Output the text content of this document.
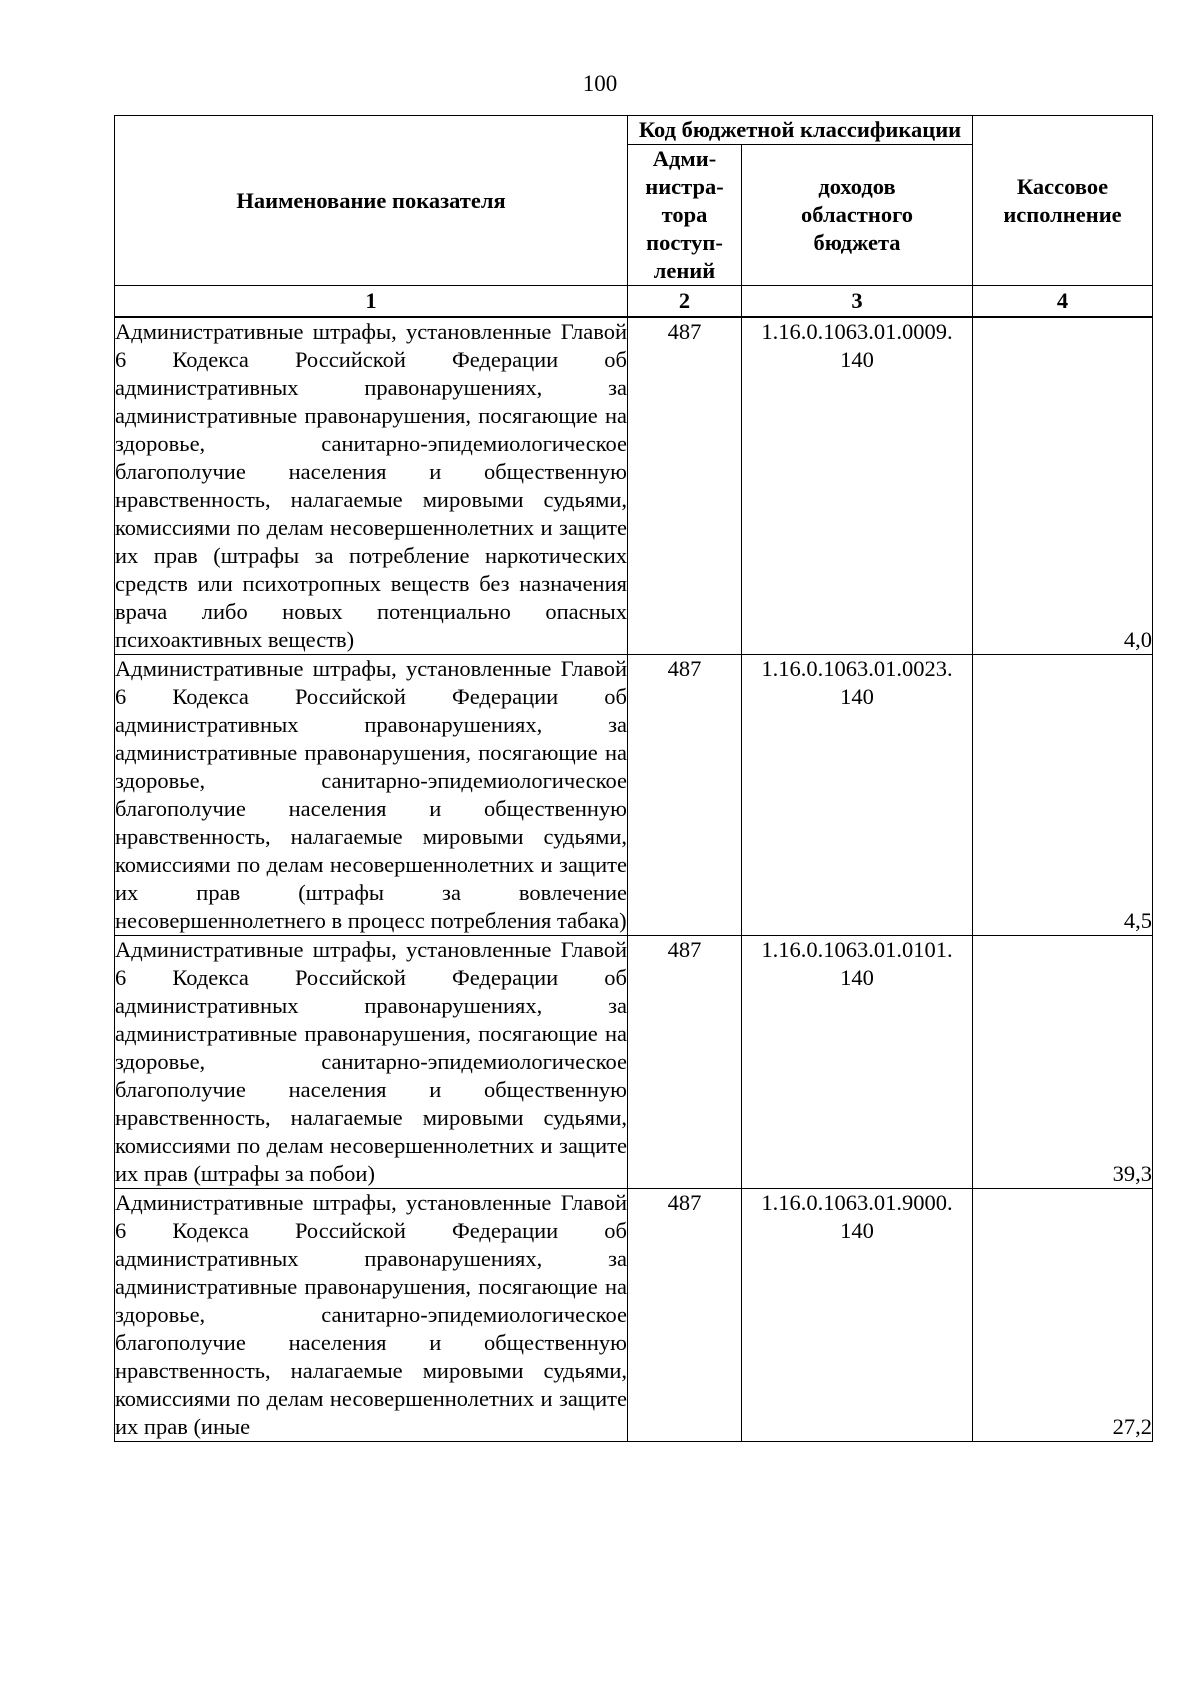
100
Наименование показателя	Код бюджетной классификации		Кассовое
исполнение
	Адми-
нистра-
тора
поступ-
лений	доходов
областного
бюджета	
1	2	3	4
Административные штрафы, установленные Главой 6 Кодекса Российской Федерации об административных правонарушениях, за административные правонарушения, посягающие на здоровье, санитарно-эпидемиологическое благополучие населения и общественную нравственность, налагаемые мировыми судьями, комиссиями по делам несовершеннолетних и защите их прав (штрафы за потребление наркотических средств или психотропных веществ без назначения врача либо новых потенциально опасных психоактивных веществ)	487	1.16.0.1063.01.0009.
140	4,0
Административные штрафы, установленные Главой 6 Кодекса Российской Федерации об административных правонарушениях, за административные правонарушения, посягающие на здоровье, санитарно-эпидемиологическое благополучие населения и общественную нравственность, налагаемые мировыми судьями, комиссиями по делам несовершеннолетних и защите их прав (штрафы за вовлечение несовершеннолетнего в процесс потребления табака)	487	1.16.0.1063.01.0023.
140	4,5
Административные штрафы, установленные Главой 6 Кодекса Российской Федерации об административных правонарушениях, за административные правонарушения, посягающие на здоровье, санитарно-эпидемиологическое благополучие населения и общественную нравственность, налагаемые мировыми судьями, комиссиями по делам несовершеннолетних и защите их прав (штрафы за побои)	487	1.16.0.1063.01.0101.
140	39,3
Административные штрафы, установленные Главой 6 Кодекса Российской Федерации об административных правонарушениях, за административные правонарушения, посягающие на здоровье, санитарно-эпидемиологическое благополучие населения и общественную нравственность, налагаемые мировыми судьями, комиссиями по делам несовершеннолетних и защите их прав (иные	487	1.16.0.1063.01.9000.
140	27,2
